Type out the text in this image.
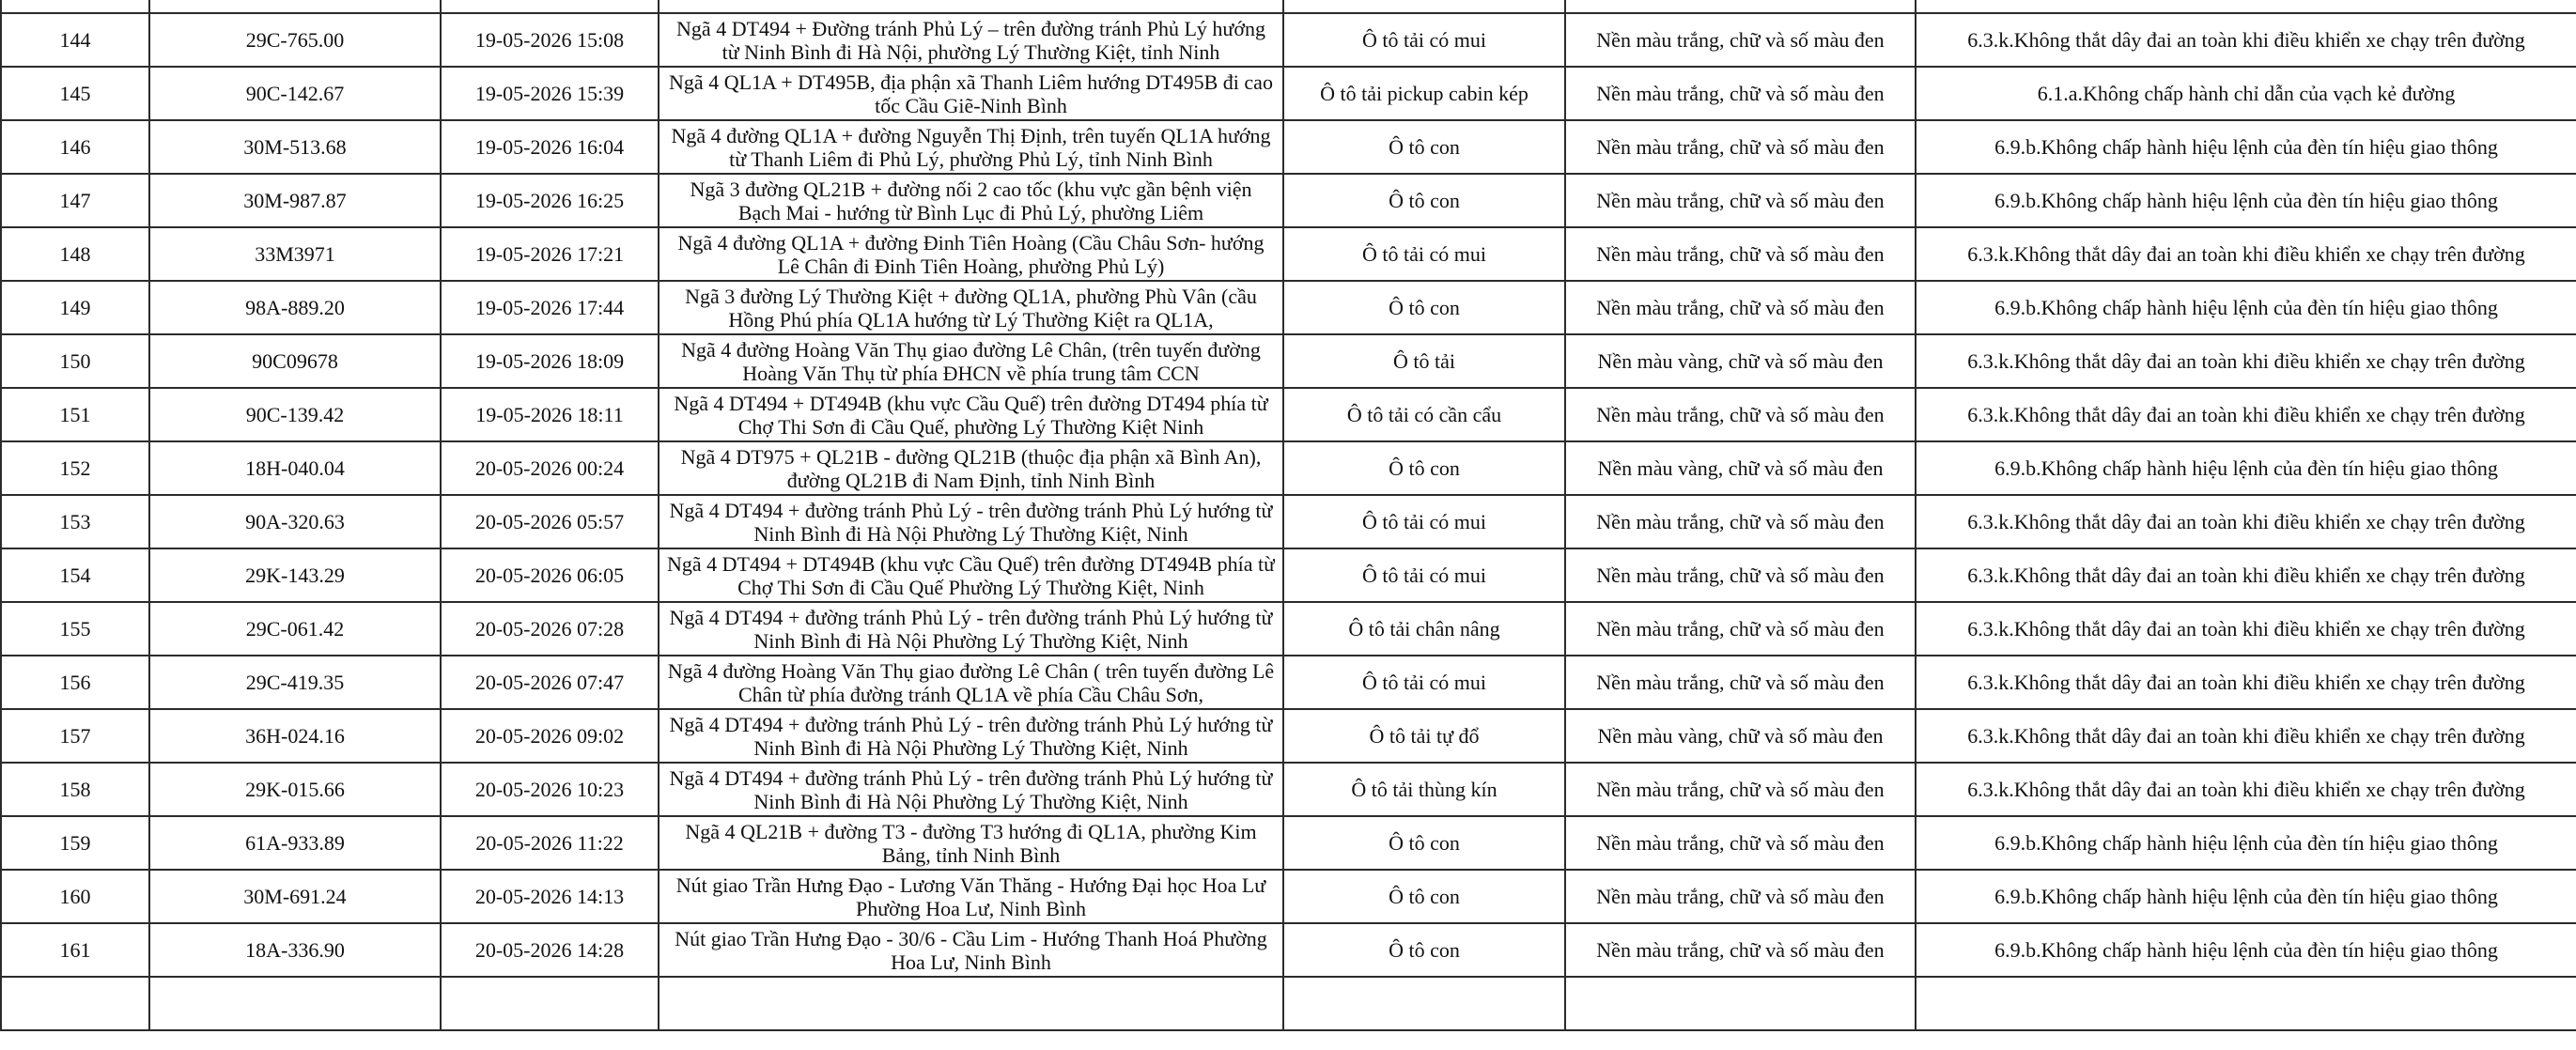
144	29C-765.00	19-05-2026 15:08	Ngã 4 DT494 + Đường tránh Phủ Lý – trên đường tránh Phủ Lý hướng từ Ninh Bình đi Hà Nội, phường Lý Thường Kiệt, tỉnh Ninh	Ô tô tải có mui	Nền màu trắng, chữ và số màu đen	6.3.k.Không thắt dây đai an toàn khi điều khiển xe chạy trên đường
145	90C-142.67	19-05-2026 15:39	Ngã 4 QL1A + DT495B, địa phận xã Thanh Liêm hướng DT495B đi cao tốc Cầu Giẽ-Ninh Bình	Ô tô tải pickup cabin kép	Nền màu trắng, chữ và số màu đen	6.1.a.Không chấp hành chỉ dẫn của vạch kẻ đường
146	30M-513.68	19-05-2026 16:04	Ngã 4 đường QL1A + đường Nguyễn Thị Định, trên tuyến QL1A hướng từ Thanh Liêm đi Phủ Lý, phường Phủ Lý, tỉnh Ninh Bình	Ô tô con	Nền màu trắng, chữ và số màu đen	6.9.b.Không chấp hành hiệu lệnh của đèn tín hiệu giao thông
147	30M-987.87	19-05-2026 16:25	Ngã 3 đường QL21B + đường nối 2 cao tốc (khu vực gần bệnh viện Bạch Mai - hướng từ Bình Lục đi Phủ Lý, phường Liêm	Ô tô con	Nền màu trắng, chữ và số màu đen	6.9.b.Không chấp hành hiệu lệnh của đèn tín hiệu giao thông
148	33M3971	19-05-2026 17:21	Ngã 4 đường QL1A + đường Đinh Tiên Hoàng (Cầu Châu Sơn- hướng Lê Chân đi Đinh Tiên Hoàng, phường Phủ Lý)	Ô tô tải có mui	Nền màu trắng, chữ và số màu đen	6.3.k.Không thắt dây đai an toàn khi điều khiển xe chạy trên đường
149	98A-889.20	19-05-2026 17:44	Ngã 3 đường Lý Thường Kiệt + đường QL1A, phường Phù Vân (cầu Hồng Phú phía QL1A hướng từ Lý Thường Kiệt ra QL1A,	Ô tô con	Nền màu trắng, chữ và số màu đen	6.9.b.Không chấp hành hiệu lệnh của đèn tín hiệu giao thông
150	90C09678	19-05-2026 18:09	Ngã 4 đường Hoàng Văn Thụ giao đường Lê Chân, (trên tuyến đường Hoàng Văn Thụ từ phía ĐHCN về phía trung tâm CCN	Ô tô tải	Nền màu vàng, chữ và số màu đen	6.3.k.Không thắt dây đai an toàn khi điều khiển xe chạy trên đường
151	90C-139.42	19-05-2026 18:11	Ngã 4 DT494 + DT494B (khu vực Cầu Quế) trên đường DT494 phía từ Chợ Thi Sơn đi Cầu Quế, phường Lý Thường Kiệt Ninh	Ô tô tải có cần cẩu	Nền màu trắng, chữ và số màu đen	6.3.k.Không thắt dây đai an toàn khi điều khiển xe chạy trên đường
152	18H-040.04	20-05-2026 00:24	Ngã 4 DT975 + QL21B - đường QL21B (thuộc địa phận xã Bình An), đường QL21B đi Nam Định, tỉnh Ninh Bình	Ô tô con	Nền màu vàng, chữ và số màu đen	6.9.b.Không chấp hành hiệu lệnh của đèn tín hiệu giao thông
153	90A-320.63	20-05-2026 05:57	Ngã 4 DT494 + đường tránh Phủ Lý - trên đường tránh Phủ Lý hướng từ Ninh Bình đi Hà Nội Phường Lý Thường Kiệt, Ninh	Ô tô tải có mui	Nền màu trắng, chữ và số màu đen	6.3.k.Không thắt dây đai an toàn khi điều khiển xe chạy trên đường
154	29K-143.29	20-05-2026 06:05	Ngã 4 DT494 + DT494B (khu vực Cầu Quế) trên đường DT494B phía từ Chợ Thi Sơn đi Cầu Quế Phường Lý Thường Kiệt, Ninh	Ô tô tải có mui	Nền màu trắng, chữ và số màu đen	6.3.k.Không thắt dây đai an toàn khi điều khiển xe chạy trên đường
155	29C-061.42	20-05-2026 07:28	Ngã 4 DT494 + đường tránh Phủ Lý - trên đường tránh Phủ Lý hướng từ Ninh Bình đi Hà Nội Phường Lý Thường Kiệt, Ninh	Ô tô tải chân nâng	Nền màu trắng, chữ và số màu đen	6.3.k.Không thắt dây đai an toàn khi điều khiển xe chạy trên đường
156	29C-419.35	20-05-2026 07:47	Ngã 4 đường Hoàng Văn Thụ giao đường Lê Chân ( trên tuyến đường Lê Chân từ phía đường tránh QL1A về phía Cầu Châu Sơn,	Ô tô tải có mui	Nền màu trắng, chữ và số màu đen	6.3.k.Không thắt dây đai an toàn khi điều khiển xe chạy trên đường
157	36H-024.16	20-05-2026 09:02	Ngã 4 DT494 + đường tránh Phủ Lý - trên đường tránh Phủ Lý hướng từ Ninh Bình đi Hà Nội Phường Lý Thường Kiệt, Ninh	Ô tô tải tự đổ	Nền màu vàng, chữ và số màu đen	6.3.k.Không thắt dây đai an toàn khi điều khiển xe chạy trên đường
158	29K-015.66	20-05-2026 10:23	Ngã 4 DT494 + đường tránh Phủ Lý - trên đường tránh Phủ Lý hướng từ Ninh Bình đi Hà Nội Phường Lý Thường Kiệt, Ninh	Ô tô tải thùng kín	Nền màu trắng, chữ và số màu đen	6.3.k.Không thắt dây đai an toàn khi điều khiển xe chạy trên đường
159	61A-933.89	20-05-2026 11:22	Ngã 4 QL21B + đường T3 - đường T3 hướng đi QL1A, phường Kim Bảng, tỉnh Ninh Bình	Ô tô con	Nền màu trắng, chữ và số màu đen	6.9.b.Không chấp hành hiệu lệnh của đèn tín hiệu giao thông
160	30M-691.24	20-05-2026 14:13	Nút giao Trần Hưng Đạo - Lương Văn Thăng - Hướng Đại học Hoa Lư Phường Hoa Lư, Ninh Bình	Ô tô con	Nền màu trắng, chữ và số màu đen	6.9.b.Không chấp hành hiệu lệnh của đèn tín hiệu giao thông
161	18A-336.90	20-05-2026 14:28	Nút giao Trần Hưng Đạo - 30/6 - Cầu Lim - Hướng Thanh Hoá Phường Hoa Lư, Ninh Bình	Ô tô con	Nền màu trắng, chữ và số màu đen	6.9.b.Không chấp hành hiệu lệnh của đèn tín hiệu giao thông
